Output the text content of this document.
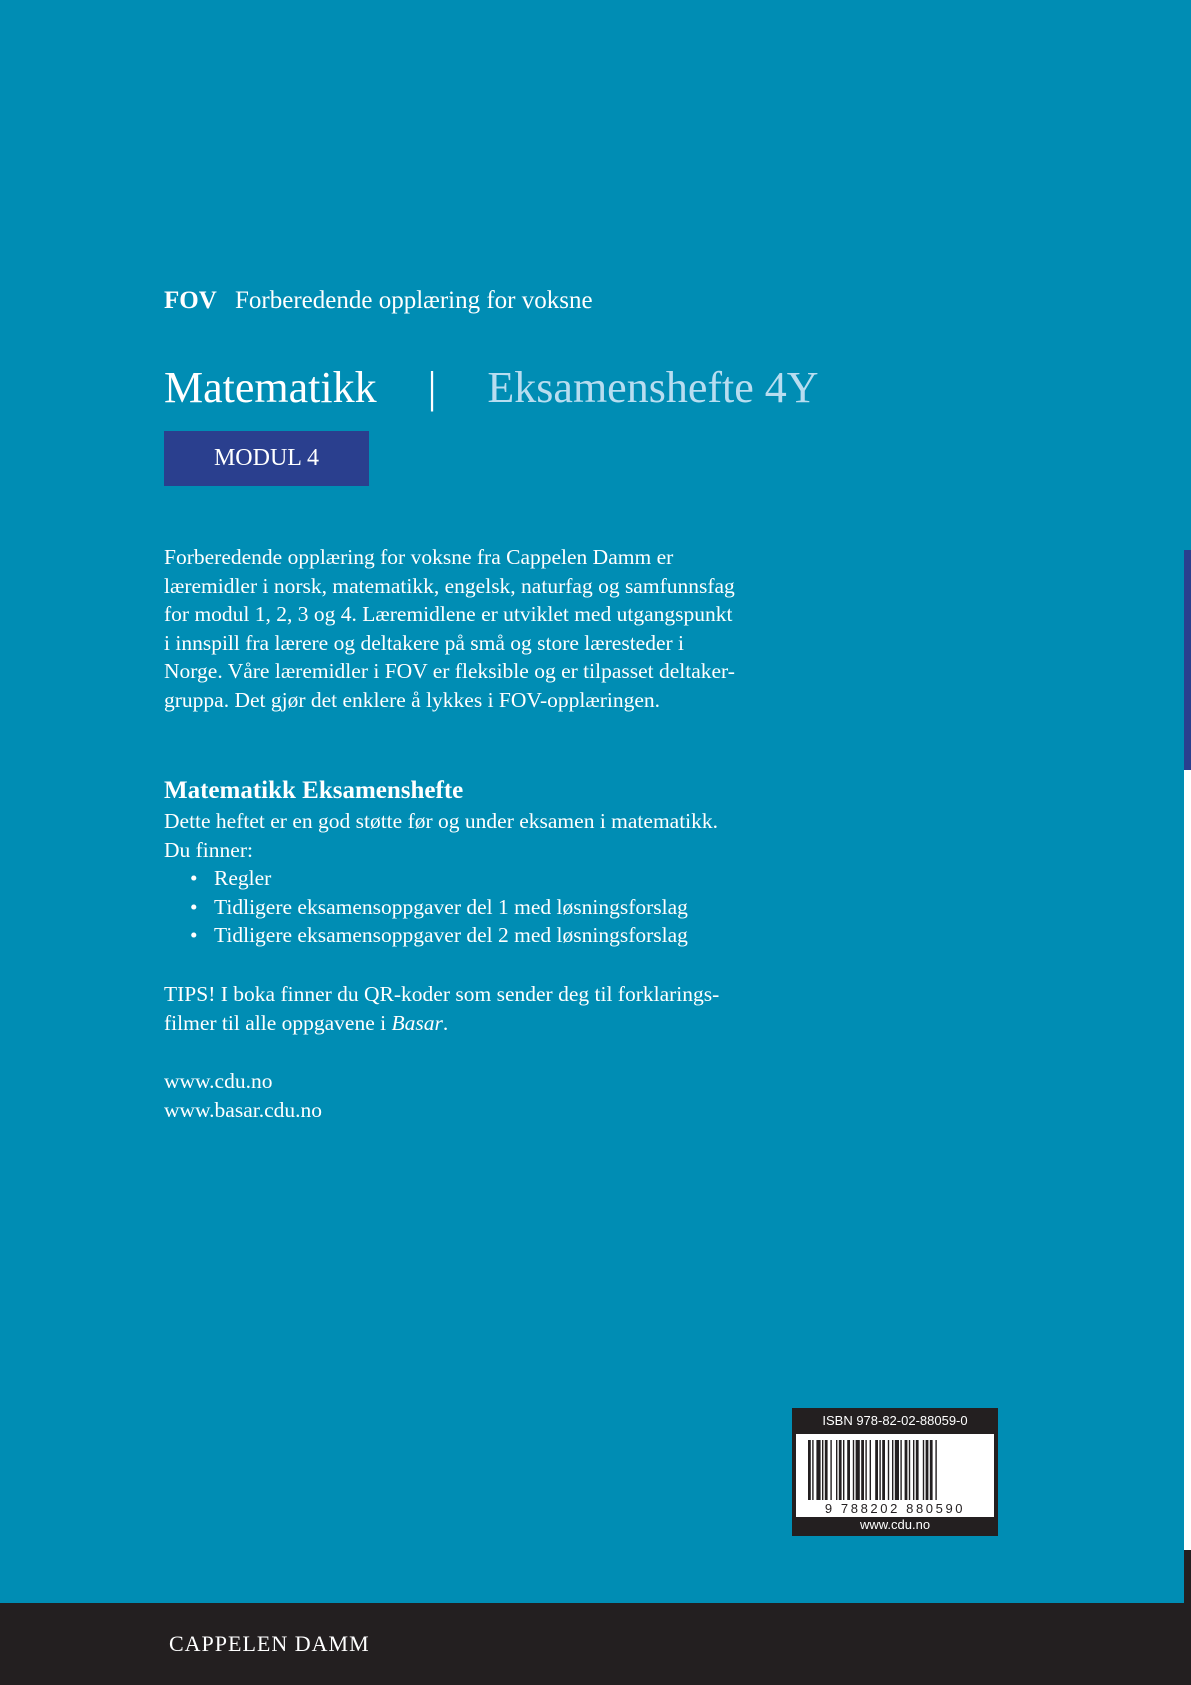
FOV Forberedende opplæring for voksne
Matematikk | Eksamenshefte 4Y
MODUL 4
Forberedende opplæring for voksne fra Cappelen Damm er
læremidler i norsk, matematikk, engelsk, naturfag og samfunnsfag
for modul 1, 2, 3 og 4. Læremidlene er utviklet med utgangspunkt
i innspill fra lærere og deltakere på små og store læresteder i
Norge. Våre læremidler i FOV er fleksible og er tilpasset deltaker-
gruppa. Det gjør det enklere å lykkes i FOV-opplæringen.
Matematikk Eksamenshefte
Dette heftet er en god støtte før og under eksamen i matematikk.
Du finner:
• Regler
• Tidligere eksamensoppgaver del 1 med løsningsforslag
• Tidligere eksamensoppgaver del 2 med løsningsforslag
TIPS! I boka finner du QR-koder som sender deg til forklarings-
filmer til alle oppgavene i Basar.
www.cdu.no
www.basar.cdu.no
ISBN 978-82-02-88059-0
9 788202 880590
www.cdu.no
CAPPELEN DAMM
